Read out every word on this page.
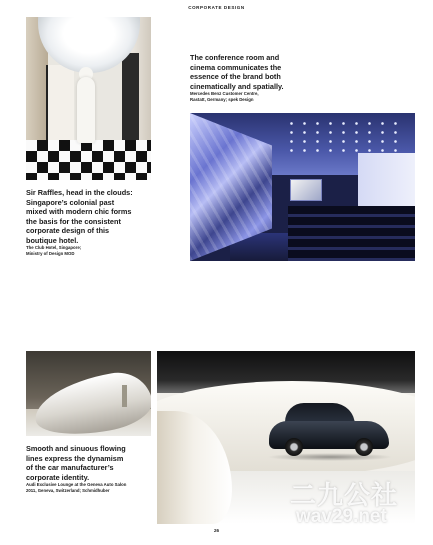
CORPORATE DESIGN
The conference room and
cinema communicates the
essence of the brand both
cinematically and spatially.
Mercedes Benz Customer Centre,
Rastatt, Germany; spek Design
Sir Raffles, head in the clouds:
Singapore’s colonial past
mixed with modern chic forms
the basis for the consistent
corporate design of this
boutique hotel.
The Club Hotel, Singapore;
Ministry of Design MOD
Smooth and sinuous flowing
lines express the dynamism
of the car manufacturer’s
corporate identity.
Audi Exclusive Lounge at the Geneva Auto Salon
2011, Geneva, Switzerland; Schmidhuber	二九公社
wav29.net
26
